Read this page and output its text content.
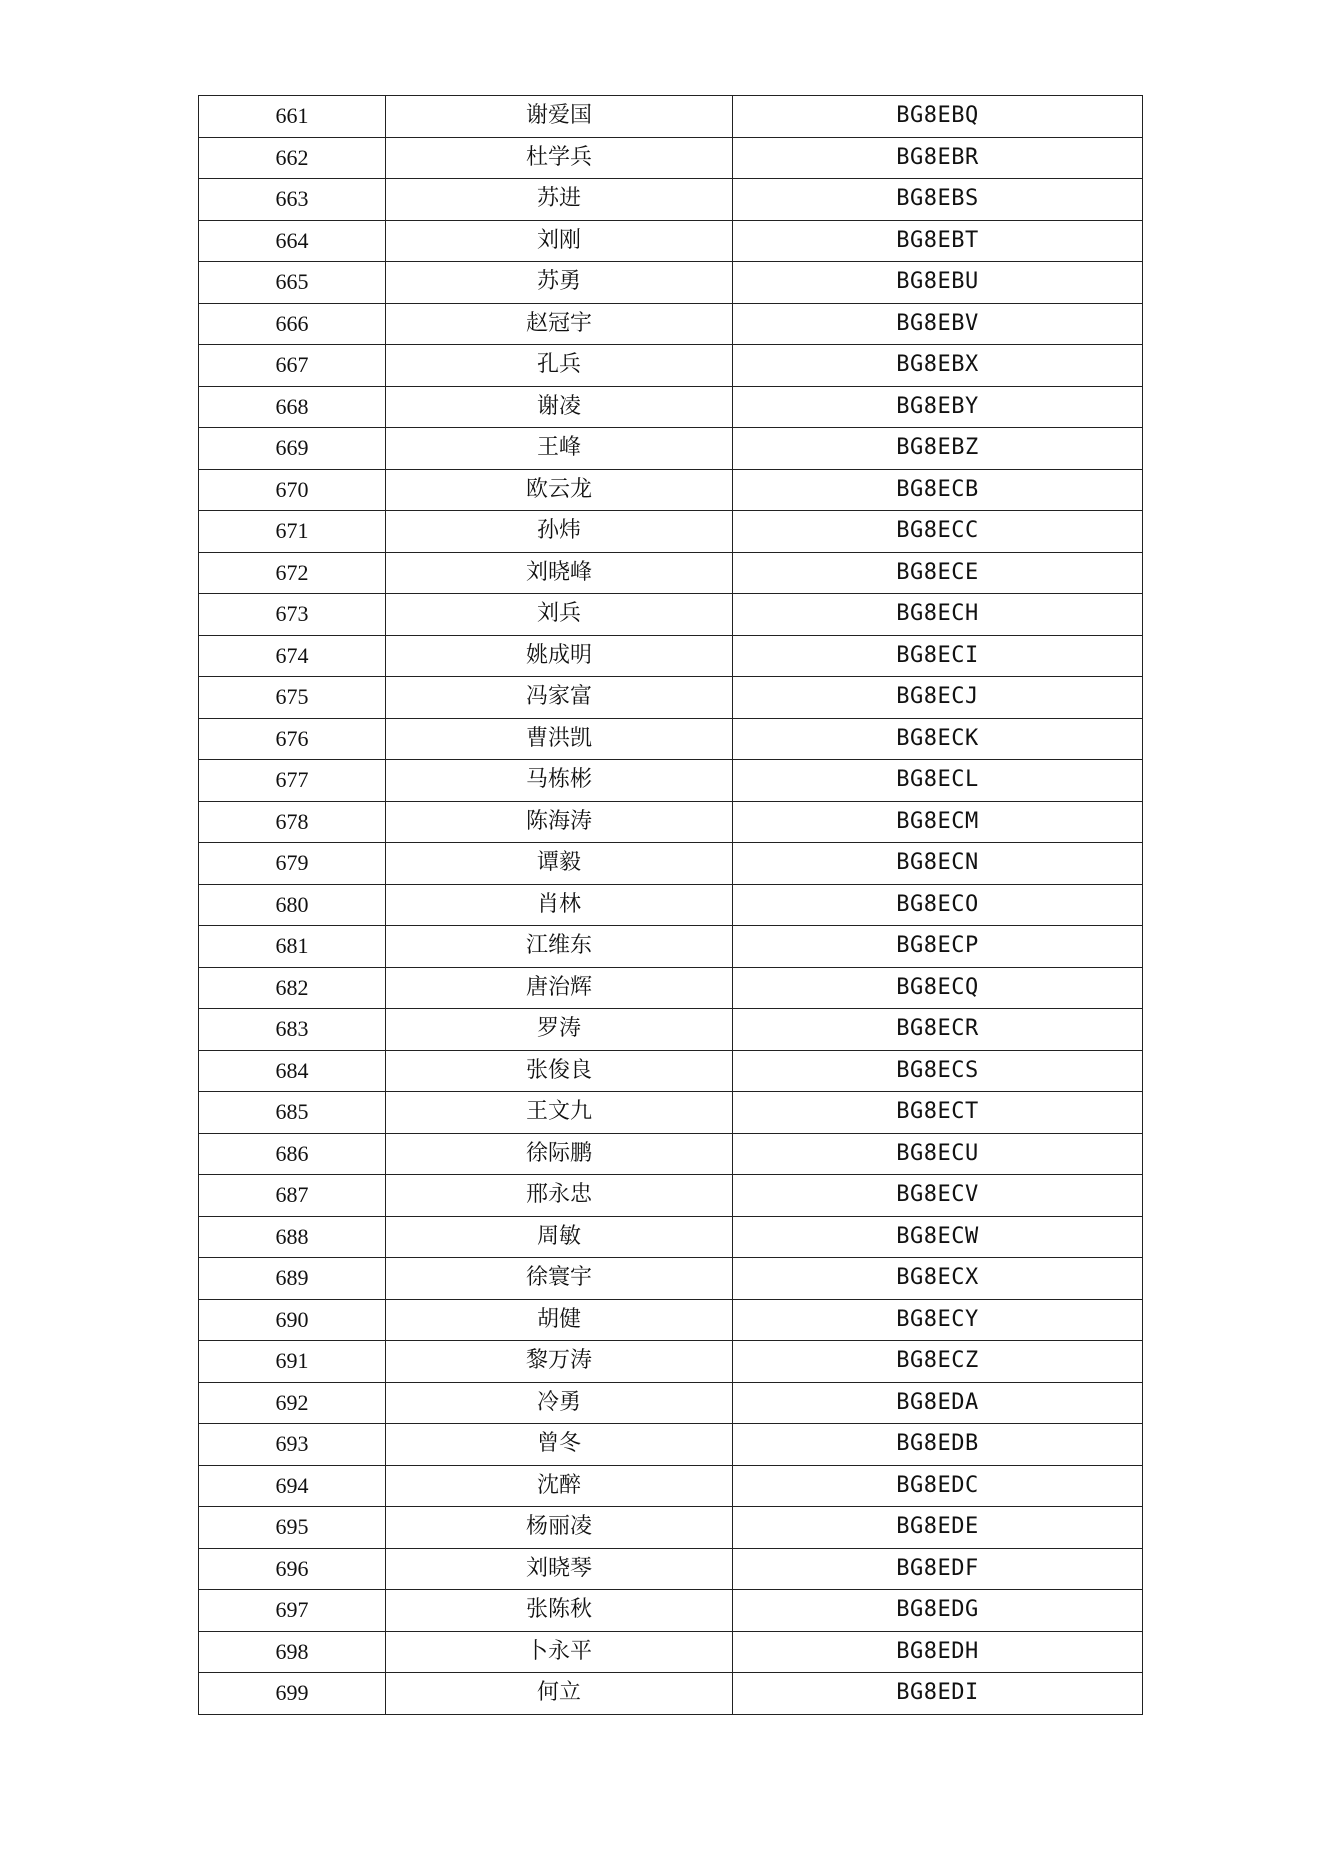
661	谢爱国	BG8EBQ
662	杜学兵	BG8EBR
663	苏进	BG8EBS
664	刘刚	BG8EBT
665	苏勇	BG8EBU
666	赵冠宇	BG8EBV
667	孔兵	BG8EBX
668	谢凌	BG8EBY
669	王峰	BG8EBZ
670	欧云龙	BG8ECB
671	孙炜	BG8ECC
672	刘晓峰	BG8ECE
673	刘兵	BG8ECH
674	姚成明	BG8ECI
675	冯家富	BG8ECJ
676	曹洪凯	BG8ECK
677	马栋彬	BG8ECL
678	陈海涛	BG8ECM
679	谭毅	BG8ECN
680	肖林	BG8ECO
681	江维东	BG8ECP
682	唐治辉	BG8ECQ
683	罗涛	BG8ECR
684	张俊良	BG8ECS
685	王文九	BG8ECT
686	徐际鹏	BG8ECU
687	邢永忠	BG8ECV
688	周敏	BG8ECW
689	徐寰宇	BG8ECX
690	胡健	BG8ECY
691	黎万涛	BG8ECZ
692	冷勇	BG8EDA
693	曾冬	BG8EDB
694	沈醉	BG8EDC
695	杨丽凌	BG8EDE
696	刘晓琴	BG8EDF
697	张陈秋	BG8EDG
698	卜永平	BG8EDH
699	何立	BG8EDI
